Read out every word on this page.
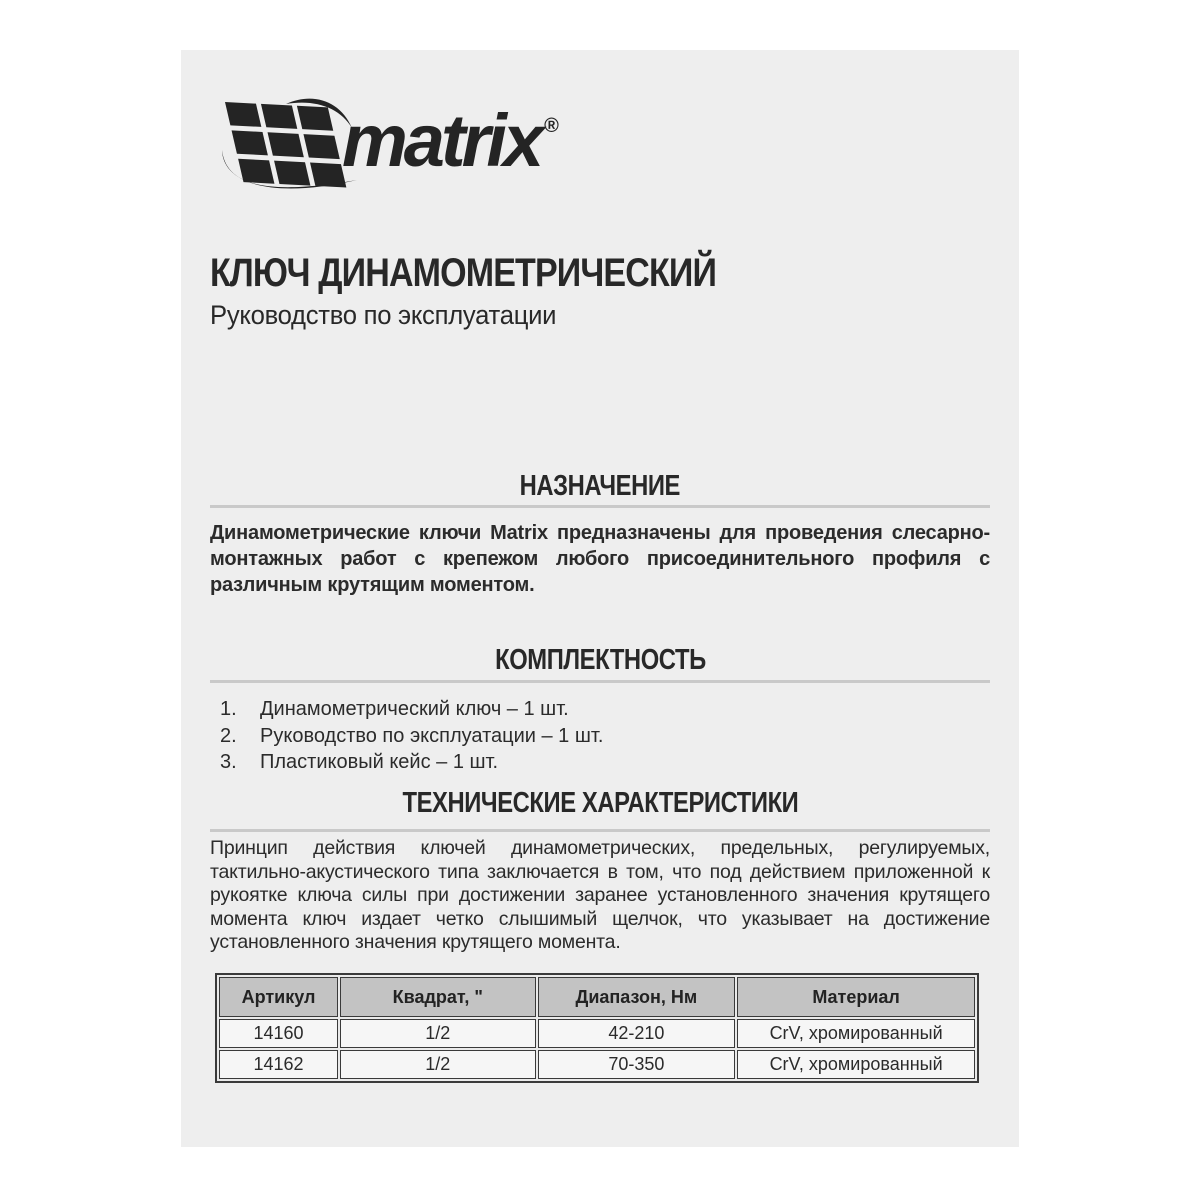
matrix ®
КЛЮЧ ДИНАМОМЕТРИЧЕСКИЙ
Руководство по эксплуатации
НАЗНАЧЕНИЕ
Динамометрические ключи Matrix предназначены для проведения слесарно-монтажных работ с крепежом любого присоединительного профиля с различным крутящим моментом.
КОМПЛЕКТНОСТЬ
1.	Динамометрический ключ – 1 шт.
2.	Руководство по эксплуатации – 1 шт.
3.	Пластиковый кейс – 1 шт.
ТЕХНИЧЕСКИЕ ХАРАКТЕРИСТИКИ
Принцип действия ключей динамометрических, предельных, регулируемых, тактильно-акустического типа заключается в том, что под действием приложенной к рукоятке ключа силы при достижении заранее установленного значения крутящего момента ключ издает четко слышимый щелчок, что указывает на достижение установленного значения крутящего момента.
Артикул	Квадрат, "	Диапазон, Нм	Материал
14160	1/2	42-210	CrV, хромированный
14162	1/2	70-350	CrV, хромированный
